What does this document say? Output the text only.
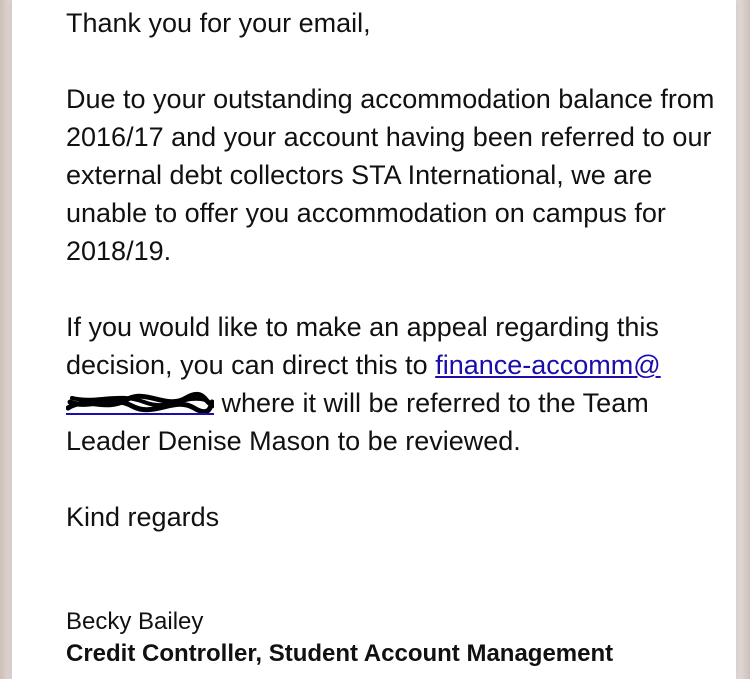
Thank you for your email,

Due to your outstanding accommodation balance from 2016/17 and your account having been referred to our external debt collectors STA International, we are unable to offer you accommodation on campus for 2018/19.

If you would like to make an appeal regarding this decision, you can direct this to finance-accomm@
where it will be referred to the Team Leader Denise Mason to be reviewed.

Kind regards

Becky Bailey
Credit Controller, Student Account Management
